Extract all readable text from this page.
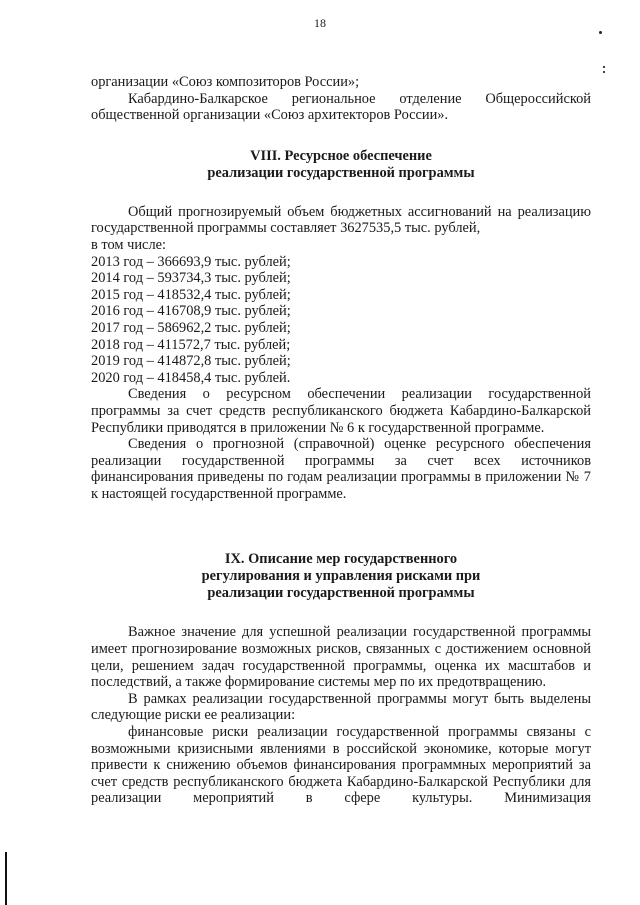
18

организации «Союз композиторов России»;

Кабардино-Балкарское региональное отделение Общероссийской общественной организации «Союз архитекторов России».

VIII. Ресурсное обеспечение

реализации государственной программы

Общий прогнозируемый объем бюджетных ассигнований на реализацию государственной программы составляет 3627535,5 тыс. рублей,

в том числе:

2013 год – 366693,9 тыс. рублей;
2014 год – 593734,3 тыс. рублей;
2015 год – 418532,4 тыс. рублей;
2016 год – 416708,9 тыс. рублей;
2017 год – 586962,2 тыс. рублей;
2018 год – 411572,7 тыс. рублей;
2019 год – 414872,8 тыс. рублей;
2020 год – 418458,4 тыс. рублей.

Сведения о ресурсном обеспечении реализации государственной программы за счет средств республиканского бюджета Кабардино-Балкарской Республики приводятся в приложении № 6 к государственной программе.

Сведения о прогнозной (справочной) оценке ресурсного обеспечения реализации государственной программы за счет всех источников финансирования приведены по годам реализации программы в приложении № 7 к настоящей государственной программе.

IX. Описание мер государственного

регулирования и управления рисками при

реализации государственной программы

Важное значение для успешной реализации государственной программы имеет прогнозирование возможных рисков, связанных с достижением основной цели, решением задач государственной программы, оценка их масштабов и последствий, а также формирование системы мер по их предотвращению.

В рамках реализации государственной программы могут быть выделены следующие риски ее реализации:

финансовые риски реализации государственной программы связаны с возможными кризисными явлениями в российской экономике, которые могут привести к снижению объемов финансирования программных мероприятий за счет средств республиканского бюджета Кабардино-Балкарской Республики для реализации мероприятий в сфере культуры. Минимизация
